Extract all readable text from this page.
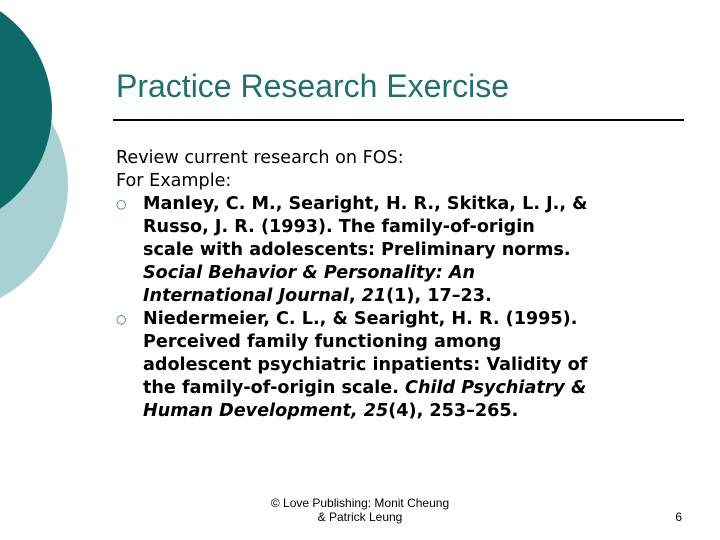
Practice Research Exercise
Review current research on FOS:
For Example:
○ Manley, C. M., Searight, H. R., Skitka, L. J., &
Russo, J. R. (1993). The family-of-origin
scale with adolescents: Preliminary norms.
Social Behavior & Personality: An
International Journal, 21(1), 17–23.
○ Niedermeier, C. L., & Searight, H. R. (1995).
Perceived family functioning among
adolescent psychiatric inpatients: Validity of
the family-of-origin scale. Child Psychiatry &
Human Development, 25(4), 253–265.
© Love Publishing: Monit Cheung
& Patrick Leung	6
